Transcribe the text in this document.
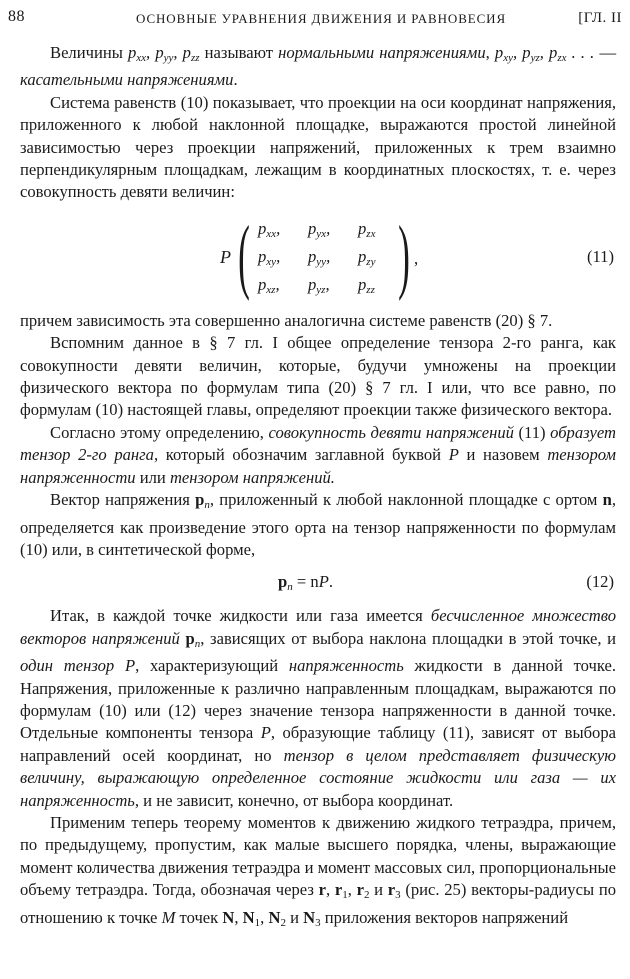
88	ОСНОВНЫЕ УРАВНЕНИЯ ДВИЖЕНИЯ И РАВНОВЕСИЯ	[ГЛ. II

Величины $p_{xx}$, $p_{yy}$, $p_{zz}$ называют нормальными напряжениями, $p_{xy}$, $p_{yz}$, $p_{zx}$ . . . — касательными напряжениями.

Система равенств (10) показывает, что проекции на оси координат напряжения, приложенного к любой наклонной площадке, выражаются простой линейной зависимостью через проекции напряжений, приложенных к трем взаимно перпендикулярным площадкам, лежащим в координатных плоскостях, т. е. через совокупность девяти величин:

P ( $p_{xx}$,	$p_{yx}$,	$p_{zx}$
$p_{xy}$,	$p_{yy}$,	$p_{zy}$
$p_{xz}$,	$p_{yz}$,	$p_{zz}$ ) ,	(11)

причем зависимость эта совершенно аналогична системе равенств (20) § 7.

Вспомним данное в § 7 гл. I общее определение тензора 2-го ранга, как совокупности девяти величин, которые, будучи умножены на проекции физического вектора по формулам типа (20) § 7 гл. I или, что все равно, по формулам (10) настоящей главы, определяют проекции также физического вектора.

Согласно этому определению, совокупность девяти напряжений (11) образует тензор 2-го ранга, который обозначим заглавной буквой P и назовем тензором напряженности или тензором напряжений.

Вектор напряжения $p_n$, приложенный к любой наклонной площадке с ортом n, определяется как произведение этого орта на тензор напряженности по формулам (10) или, в синтетической форме,

$p_n$ = nP.	(12)

Итак, в каждой точке жидкости или газа имеется бесчисленное множество векторов напряжений $p_n$, зависящих от выбора наклона площадки в этой точке, и один тензор P, характеризующий напряженность жидкости в данной точке. Напряжения, приложенные к различно направленным площадкам, выражаются по формулам (10) или (12) через значение тензора напряженности в данной точке. Отдельные компоненты тензора P, образующие таблицу (11), зависят от выбора направлений осей координат, но тензор в целом представляет физическую величину, выражающую определенное состояние жидкости или газа — их напряженность, и не зависит, конечно, от выбора координат.

Применим теперь теорему моментов к движению жидкого тетраэдра, причем, по предыдущему, пропустим, как малые высшего порядка, члены, выражающие момент количества движения тетраэдра и момент массовых сил, пропорциональные объему тетраэдра. Тогда, обозначая через r, $r_1$, $r_2$ и $r_3$ (рис. 25) векторы-радиусы по отношению к точке M точек N, $N_1$, $N_2$ и $N_3$ приложения векторов напряжений
